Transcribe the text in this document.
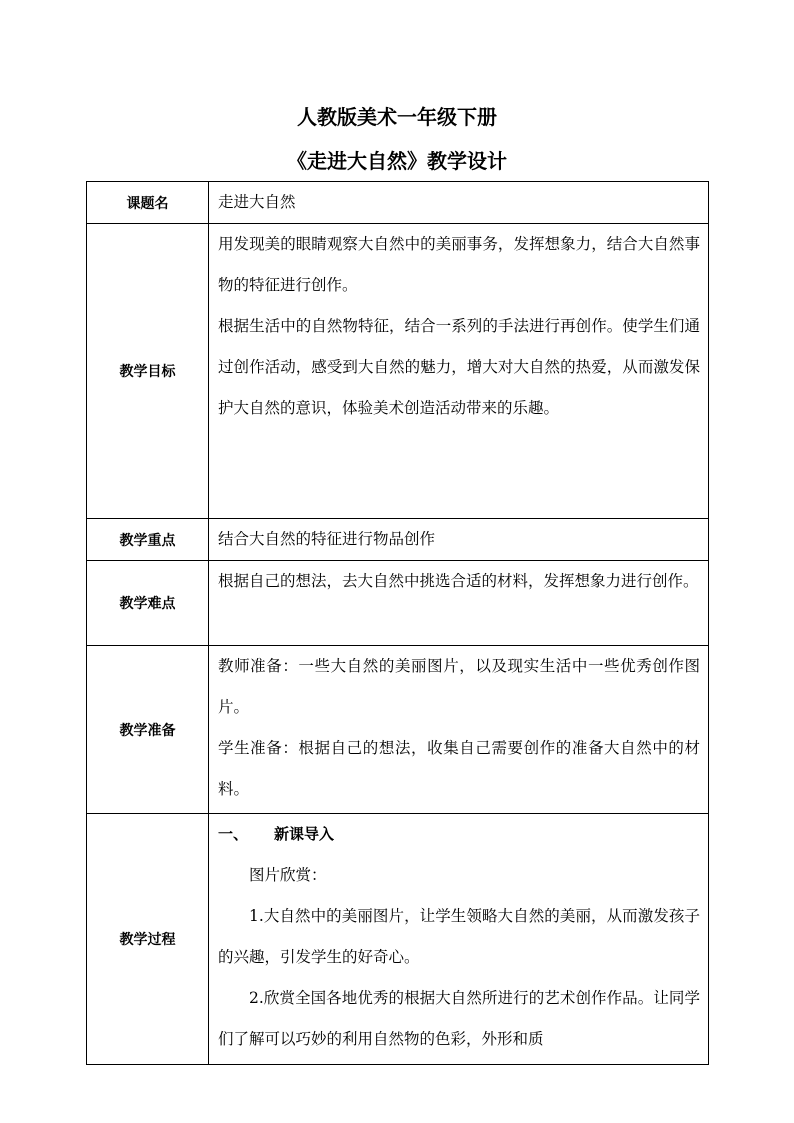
人教版美术一年级下册
《走进大自然》教学设计
课题名	走进大自然

教学目标	用发现美的眼睛观察大自然中的美丽事务，发挥想象力，结合大自然事物的特征进行创作。

根据生活中的自然物特征，结合一系列的手法进行再创作。使学生们通过创作活动，感受到大自然的魅力，增大对大自然的热爱，从而激发保护大自然的意识，体验美术创造活动带来的乐趣。

教学重点	结合大自然的特征进行物品创作

教学难点	根据自己的想法，去大自然中挑选合适的材料，发挥想象力进行创作。

教学准备	教师准备：一些大自然的美丽图片，以及现实生活中一些优秀创作图片。

学生准备：根据自己的想法，收集自己需要创作的准备大自然中的材料。

教学过程	一、 新课导入

图片欣赏：

1.大自然中的美丽图片，让学生领略大自然的美丽，从而激发孩子的兴趣，引发学生的好奇心。

2.欣赏全国各地优秀的根据大自然所进行的艺术创作作品。让同学们了解可以巧妙的利用自然物的色彩，外形和质
